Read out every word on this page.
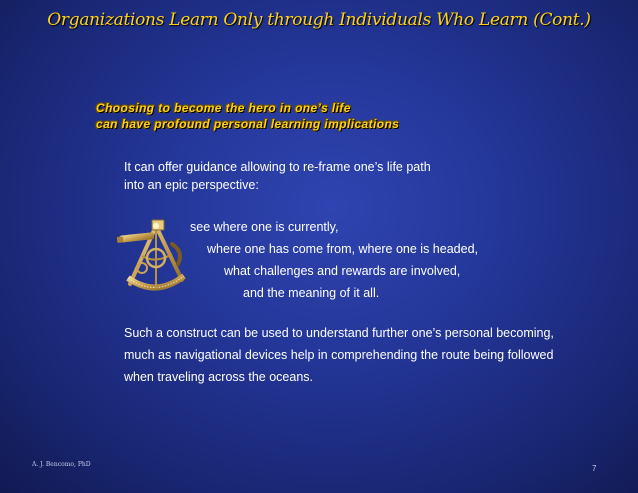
Organizations Learn Only through Individuals Who Learn (Cont.)
Choosing to become the hero in one’s life
can have profound personal learning implications
It can offer guidance allowing to re-frame one’s life path
into an epic perspective:
see where one is currently,
where one has come from, where one is headed,
what challenges and rewards are involved,
and the meaning of it all.
Such a construct can be used to understand further one’s personal becoming,
much as navigational devices help in comprehending the route being followed
when traveling across the oceans.
A. J. Bencomo, PhD	7
